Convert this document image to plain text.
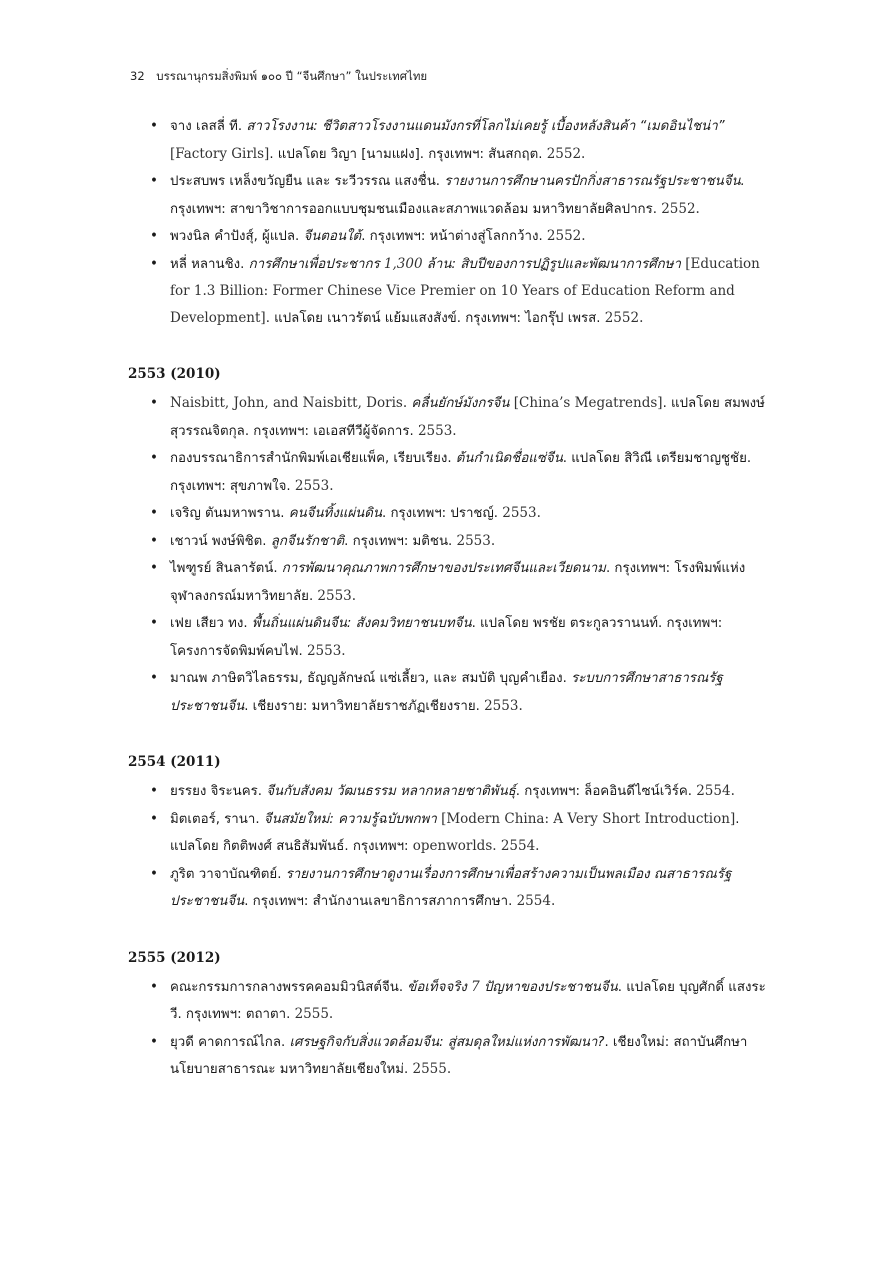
32 บรรณานุกรมสิ่งพิมพ์ ๑๐๐ ปี “จีนศึกษา” ในประเทศไทย
• จาง เลสลี่ ที. สาวโรงงาน: ชีวิตสาวโรงงานแดนมังกรที่โลกไม่เคยรู้ เบื้องหลังสินค้า “เมดอินไชน่า” [Factory Girls]. แปลโดย วิญา [นามแฝง]. กรุงเทพฯ: สันสกฤต. 2552.
• ประสบพร เหล็งขวัญยืน และ ระวีวรรณ แสงชื่น. รายงานการศึกษานครปักกิ่งสาธารณรัฐประชาชนจีน. กรุงเทพฯ: สาขาวิชาการออกแบบชุมชนเมืองและสภาพแวดล้อม มหาวิทยาลัยศิลปากร. 2552.
• พวงนิล คำปังสุ์, ผู้แปล. จีนตอนใต้. กรุงเทพฯ: หน้าต่างสู่โลกกว้าง. 2552.
• หลี่ หลานชิง. การศึกษาเพื่อประชากร 1,300 ล้าน: สิบปีของการปฏิรูปและพัฒนาการศึกษา [Education for 1.3 Billion: Former Chinese Vice Premier on 10 Years of Education Reform and Development]. แปลโดย เนาวรัตน์ แย้มแสงสังข์. กรุงเทพฯ: ไอกรุ๊ป เพรส. 2552.
2553 (2010)
• Naisbitt, John, and Naisbitt, Doris. คลื่นยักษ์มังกรจีน [China’s Megatrends]. แปลโดย สมพงษ์ สุวรรณจิตกุล. กรุงเทพฯ: เอเอสทีวีผู้จัดการ. 2553.
• กองบรรณาธิการสำนักพิมพ์เอเชียแพ็ค, เรียบเรียง. ต้นกำเนิดชื่อแซ่จีน. แปลโดย สิวิณี เตรียมชาญชูชัย. กรุงเทพฯ: สุขภาพใจ. 2553.
• เจริญ ตันมหาพราน. คนจีนทิ้งแผ่นดิน. กรุงเทพฯ: ปราชญ์. 2553.
• เชาวน์ พงษ์พิชิต. ลูกจีนรักชาติ. กรุงเทพฯ: มติชน. 2553.
• ไพฑูรย์ สินลารัตน์. การพัฒนาคุณภาพการศึกษาของประเทศจีนและเวียดนาม. กรุงเทพฯ: โรงพิมพ์แห่งจุฬาลงกรณ์มหาวิทยาลัย. 2553.
• เฟย เสียว ทง. พื้นถิ่นแผ่นดินจีน: สังคมวิทยาชนบทจีน. แปลโดย พรชัย ตระกูลวรานนท์. กรุงเทพฯ: โครงการจัดพิมพ์คบไฟ. 2553.
• มาณพ ภาษิตวิไลธรรม, ธัญญลักษณ์ แซ่เลี้ยว, และ สมบัติ บุญคำเยือง. ระบบการศึกษาสาธารณรัฐประชาชนจีน. เชียงราย: มหาวิทยาลัยราชภัฏเชียงราย. 2553.
2554 (2011)
• ยรรยง จิระนคร. จีนกับสังคม วัฒนธรรม หลากหลายชาติพันธุ์. กรุงเทพฯ: ล็อคอินดีไซน์เวิร์ค. 2554.
• มิตเตอร์, รานา. จีนสมัยใหม่: ความรู้ฉบับพกพา [Modern China: A Very Short Introduction]. แปลโดย กิตติพงศ์ สนธิสัมพันธ์. กรุงเทพฯ: openworlds. 2554.
• ภูริต วาจาบัณฑิตย์. รายงานการศึกษาดูงานเรื่องการศึกษาเพื่อสร้างความเป็นพลเมือง ณสาธารณรัฐประชาชนจีน. กรุงเทพฯ: สำนักงานเลขาธิการสภาการศึกษา. 2554.
2555 (2012)
• คณะกรรมการกลางพรรคคอมมิวนิสต์จีน. ข้อเท็จจริง 7 ปัญหาของประชาชนจีน. แปลโดย บุญศักดิ์ แสงระวี. กรุงเทพฯ: ตถาตา. 2555.
• ยุวดี คาดการณ์ไกล. เศรษฐกิจกับสิ่งแวดล้อมจีน: สู่สมดุลใหม่แห่งการพัฒนา?. เชียงใหม่: สถาบันศึกษานโยบายสาธารณะ มหาวิทยาลัยเชียงใหม่. 2555.
